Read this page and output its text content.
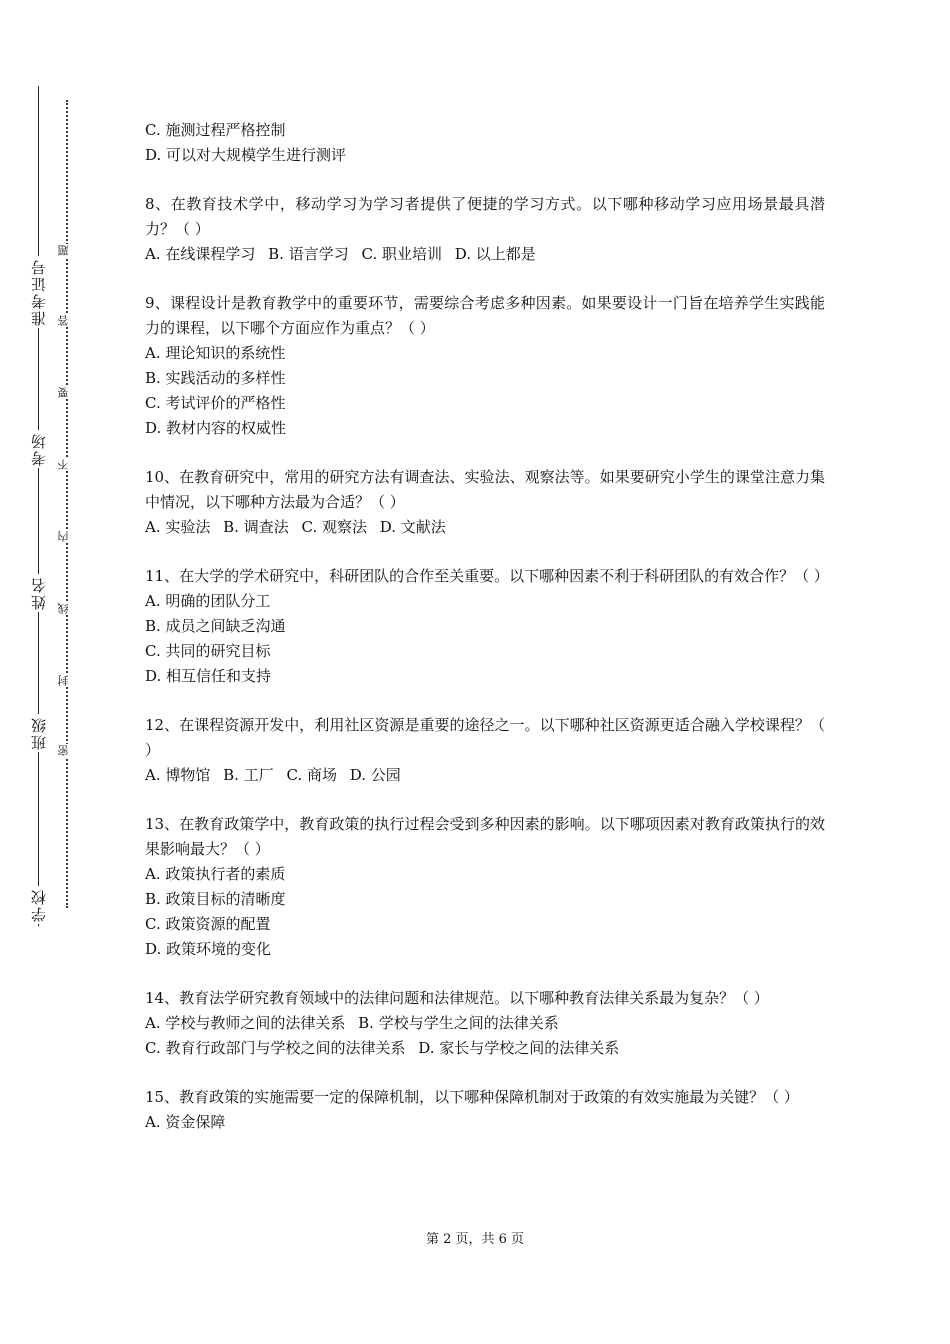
准考证号
考场
姓名
班级
学校
题
答
要
不
内
线
封
密

C. 施测过程严格控制

D. 可以对大规模学生进行测评

8、在教育技术学中，移动学习为学习者提供了便捷的学习方式。以下哪种移动学习应用场景最具潜力？（ ）

A. 在线课程学习 B. 语言学习 C. 职业培训 D. 以上都是

9、课程设计是教育教学中的重要环节，需要综合考虑多种因素。如果要设计一门旨在培养学生实践能力的课程，以下哪个方面应作为重点？（ ）

A. 理论知识的系统性

B. 实践活动的多样性

C. 考试评价的严格性

D. 教材内容的权威性

10、在教育研究中，常用的研究方法有调查法、实验法、观察法等。如果要研究小学生的课堂注意力集中情况，以下哪种方法最为合适？（ ）

A. 实验法 B. 调查法 C. 观察法 D. 文献法

11、在大学的学术研究中，科研团队的合作至关重要。以下哪种因素不利于科研团队的有效合作？（ ）

A. 明确的团队分工

B. 成员之间缺乏沟通

C. 共同的研究目标

D. 相互信任和支持

12、在课程资源开发中，利用社区资源是重要的途径之一。以下哪种社区资源更适合融入学校课程？（ ）

A. 博物馆 B. 工厂 C. 商场 D. 公园

13、在教育政策学中，教育政策的执行过程会受到多种因素的影响。以下哪项因素对教育政策执行的效果影响最大？（ ）

A. 政策执行者的素质

B. 政策目标的清晰度

C. 政策资源的配置

D. 政策环境的变化

14、教育法学研究教育领域中的法律问题和法律规范。以下哪种教育法律关系最为复杂？（ ）

A. 学校与教师之间的法律关系 B. 学校与学生之间的法律关系

C. 教育行政部门与学校之间的法律关系 D. 家长与学校之间的法律关系

15、教育政策的实施需要一定的保障机制，以下哪种保障机制对于政策的有效实施最为关键？（ ）

A. 资金保障

第 2 页，共 6 页
